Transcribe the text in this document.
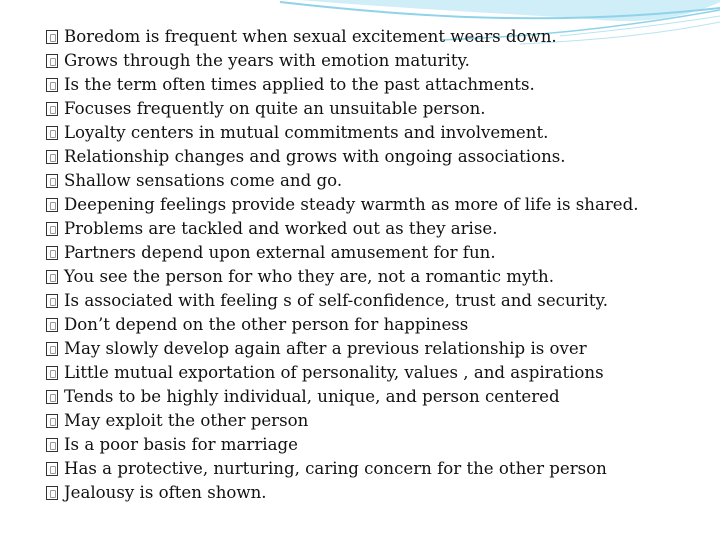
Boredom is frequent when sexual excitement wears down.
Grows through the years with emotion maturity.
Is the term often times applied to the past attachments.
Focuses frequently on quite an unsuitable person.
Loyalty centers in mutual commitments and involvement.
Relationship changes and grows with ongoing associations.
Shallow sensations come and go.
Deepening feelings provide steady warmth as more of life is shared.
Problems are tackled and worked out as they arise.
Partners depend upon external amusement for fun.
You see the person for who they are, not a romantic myth.
Is associated with feeling s of self-confidence, trust and security.
Don’t depend on the other person for happiness
May slowly develop again after a previous relationship is over
Little mutual exportation of personality, values , and aspirations
Tends to be highly individual, unique, and person centered
May exploit the other person
Is a poor basis for marriage
Has a protective, nurturing, caring concern for the other person
Jealousy is often shown.
